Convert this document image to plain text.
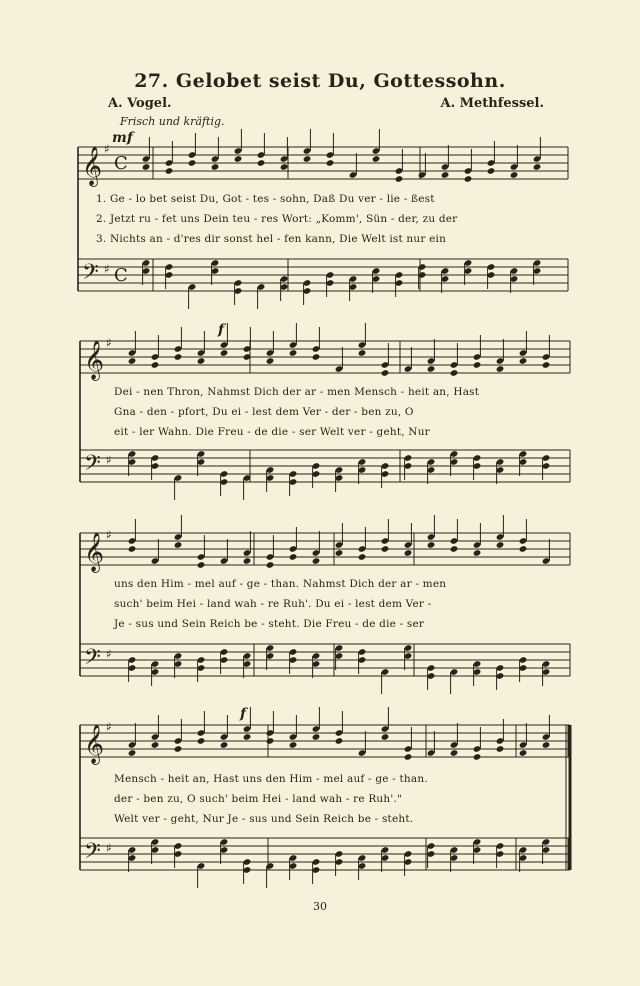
27. Gelobet seist Du, Gottessohn.
A. Vogel.	A. Methfessel.
Frisch und kräftig.
mf
f
f
𝄞 ♯
𝄢 ♯
C
C
𝄞 ♯
𝄢 ♯
𝄞 ♯
𝄢 ♯
𝄞 ♯
𝄢 ♯
1. Ge - lo bet seist Du, Got - tes - sohn, Daß Du ver - lie - ßest
2. Jetzt ru - fet uns Dein teu - res Wort: „Komm', Sün - der, zu der
3. Nichts an - d'res dir sonst hel - fen kann, Die Welt ist nur ein
Dei - nen Thron, Nahmst Dich der ar - men Mensch - heit an, Hast
Gna - den - pfort, Du ei - lest dem Ver - der - ben zu, O
eit - ler Wahn. Die Freu - de die - ser Welt ver - geht, Nur
uns den Him - mel auf - ge - than. Nahmst Dich der ar - men
such' beim Hei - land wah - re Ruh'. Du ei - lest dem Ver -
Je - sus und Sein Reich be - steht. Die Freu - de die - ser
Mensch - heit an, Hast uns den Him - mel auf - ge - than.
der - ben zu, O such' beim Hei - land wah - re Ruh'."
Welt ver - geht, Nur Je - sus und Sein Reich be - steht.
30
